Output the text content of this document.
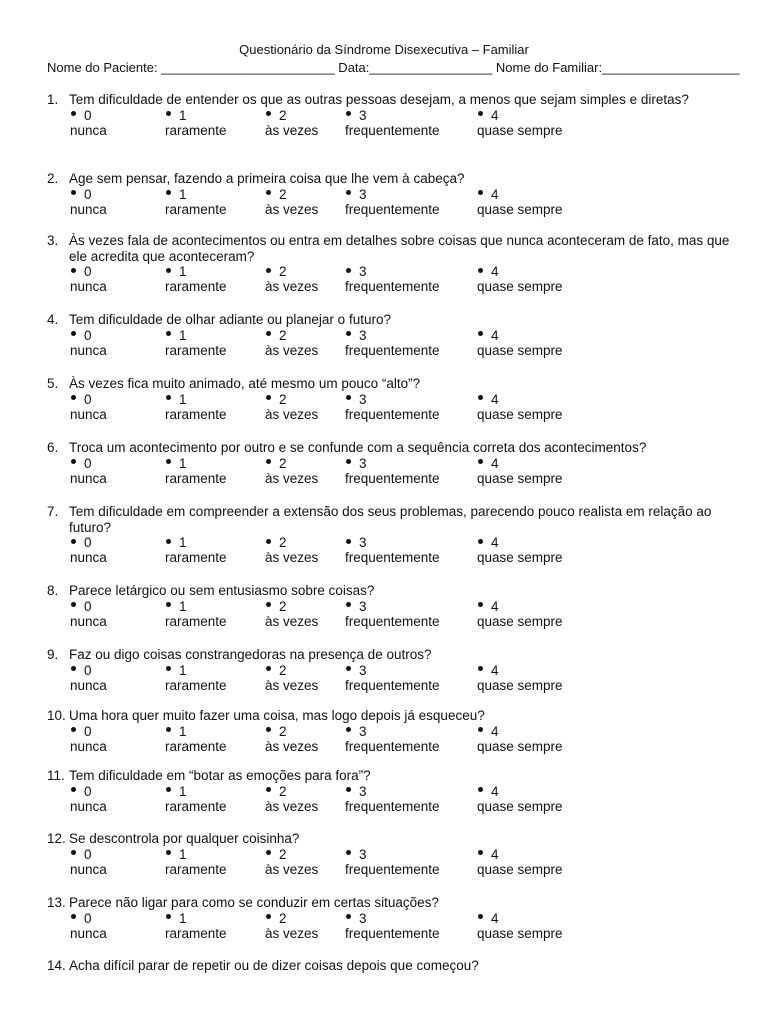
Questionário da Síndrome Disexecutiva – Familiar
Nome do Paciente: ________________________ Data:_________________ Nome do Familiar:___________________
1. Tem dificuldade de entender os que as outras pessoas desejam, a menos que sejam simples e diretas?
0
nunca
1
raramente
2
às vezes
3
frequentemente
4
quase sempre
2. Age sem pensar, fazendo a primeira coisa que lhe vem à cabeça?
0
nunca
1
raramente
2
às vezes
3
frequentemente
4
quase sempre
3. Às vezes fala de acontecimentos ou entra em detalhes sobre coisas que nunca aconteceram de fato, mas que ele acredita que aconteceram?
0
nunca
1
raramente
2
às vezes
3
frequentemente
4
quase sempre
4. Tem dificuldade de olhar adiante ou planejar o futuro?
0
nunca
1
raramente
2
às vezes
3
frequentemente
4
quase sempre
5. Às vezes fica muito animado, até mesmo um pouco “alto”?
0
nunca
1
raramente
2
às vezes
3
frequentemente
4
quase sempre
6. Troca um acontecimento por outro e se confunde com a sequência correta dos acontecimentos?
0
nunca
1
raramente
2
às vezes
3
frequentemente
4
quase sempre
7. Tem dificuldade em compreender a extensão dos seus problemas, parecendo pouco realista em relação ao futuro?
0
nunca
1
raramente
2
às vezes
3
frequentemente
4
quase sempre
8. Parece letárgico ou sem entusiasmo sobre coisas?
0
nunca
1
raramente
2
às vezes
3
frequentemente
4
quase sempre
9. Faz ou digo coisas constrangedoras na presença de outros?
0
nunca
1
raramente
2
às vezes
3
frequentemente
4
quase sempre
10. Uma hora quer muito fazer uma coisa, mas logo depois já esqueceu?
0
nunca
1
raramente
2
às vezes
3
frequentemente
4
quase sempre
11. Tem dificuldade em “botar as emoções para fora”?
0
nunca
1
raramente
2
às vezes
3
frequentemente
4
quase sempre
12. Se descontrola por qualquer coisinha?
0
nunca
1
raramente
2
às vezes
3
frequentemente
4
quase sempre
13. Parece não ligar para como se conduzir em certas situações?
0
nunca
1
raramente
2
às vezes
3
frequentemente
4
quase sempre
14. Acha difícil parar de repetir ou de dizer coisas depois que começou?
